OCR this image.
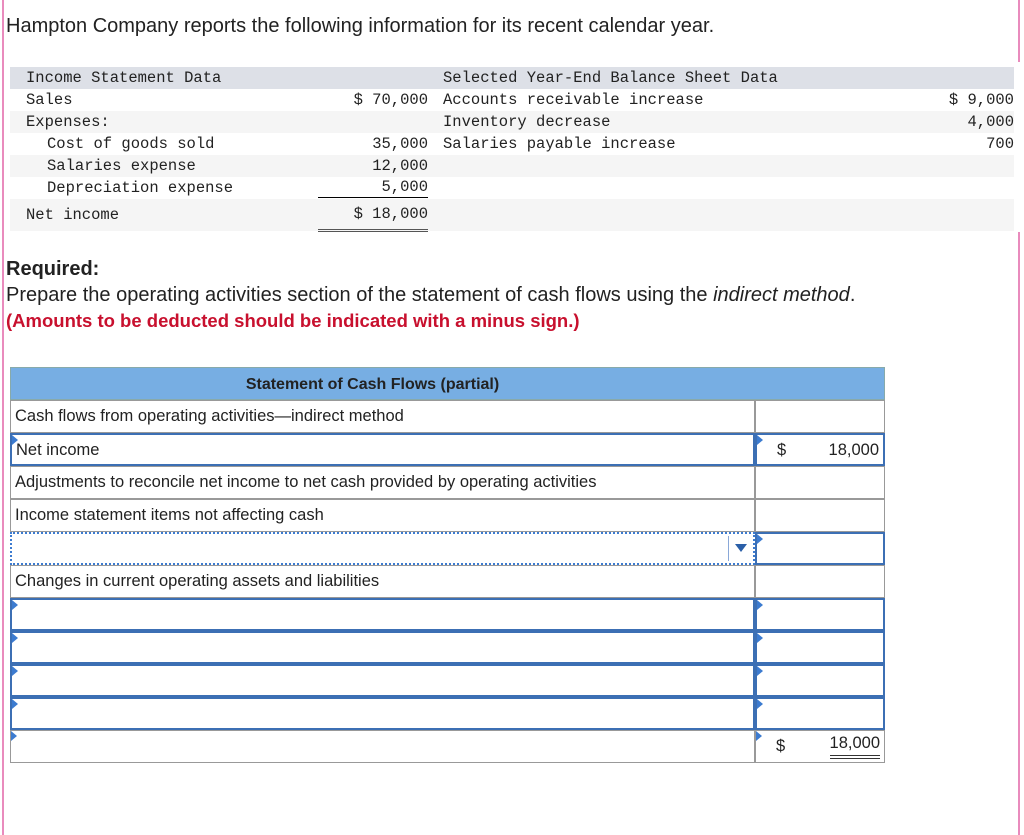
Hampton Company reports the following information for its recent calendar year.
Income Statement Data	Selected Year-End Balance Sheet Data
Sales	$ 70,000 Accounts receivable increase	$ 9,000
Expenses:	Inventory decrease	4,000
Cost of goods sold	35,000 Salaries payable increase	700
Salaries expense	12,000
Depreciation expense	5,000
Net income	$ 18,000
Required:
Prepare the operating activities section of the statement of cash flows using the indirect method.
(Amounts to be deducted should be indicated with a minus sign.)
Statement of Cash Flows (partial)
Cash flows from operating activities—indirect method
Net income	$	18,000
Adjustments to reconcile net income to net cash provided by operating activities
Income statement items not affecting cash
Changes in current operating assets and liabilities
$	18,000
